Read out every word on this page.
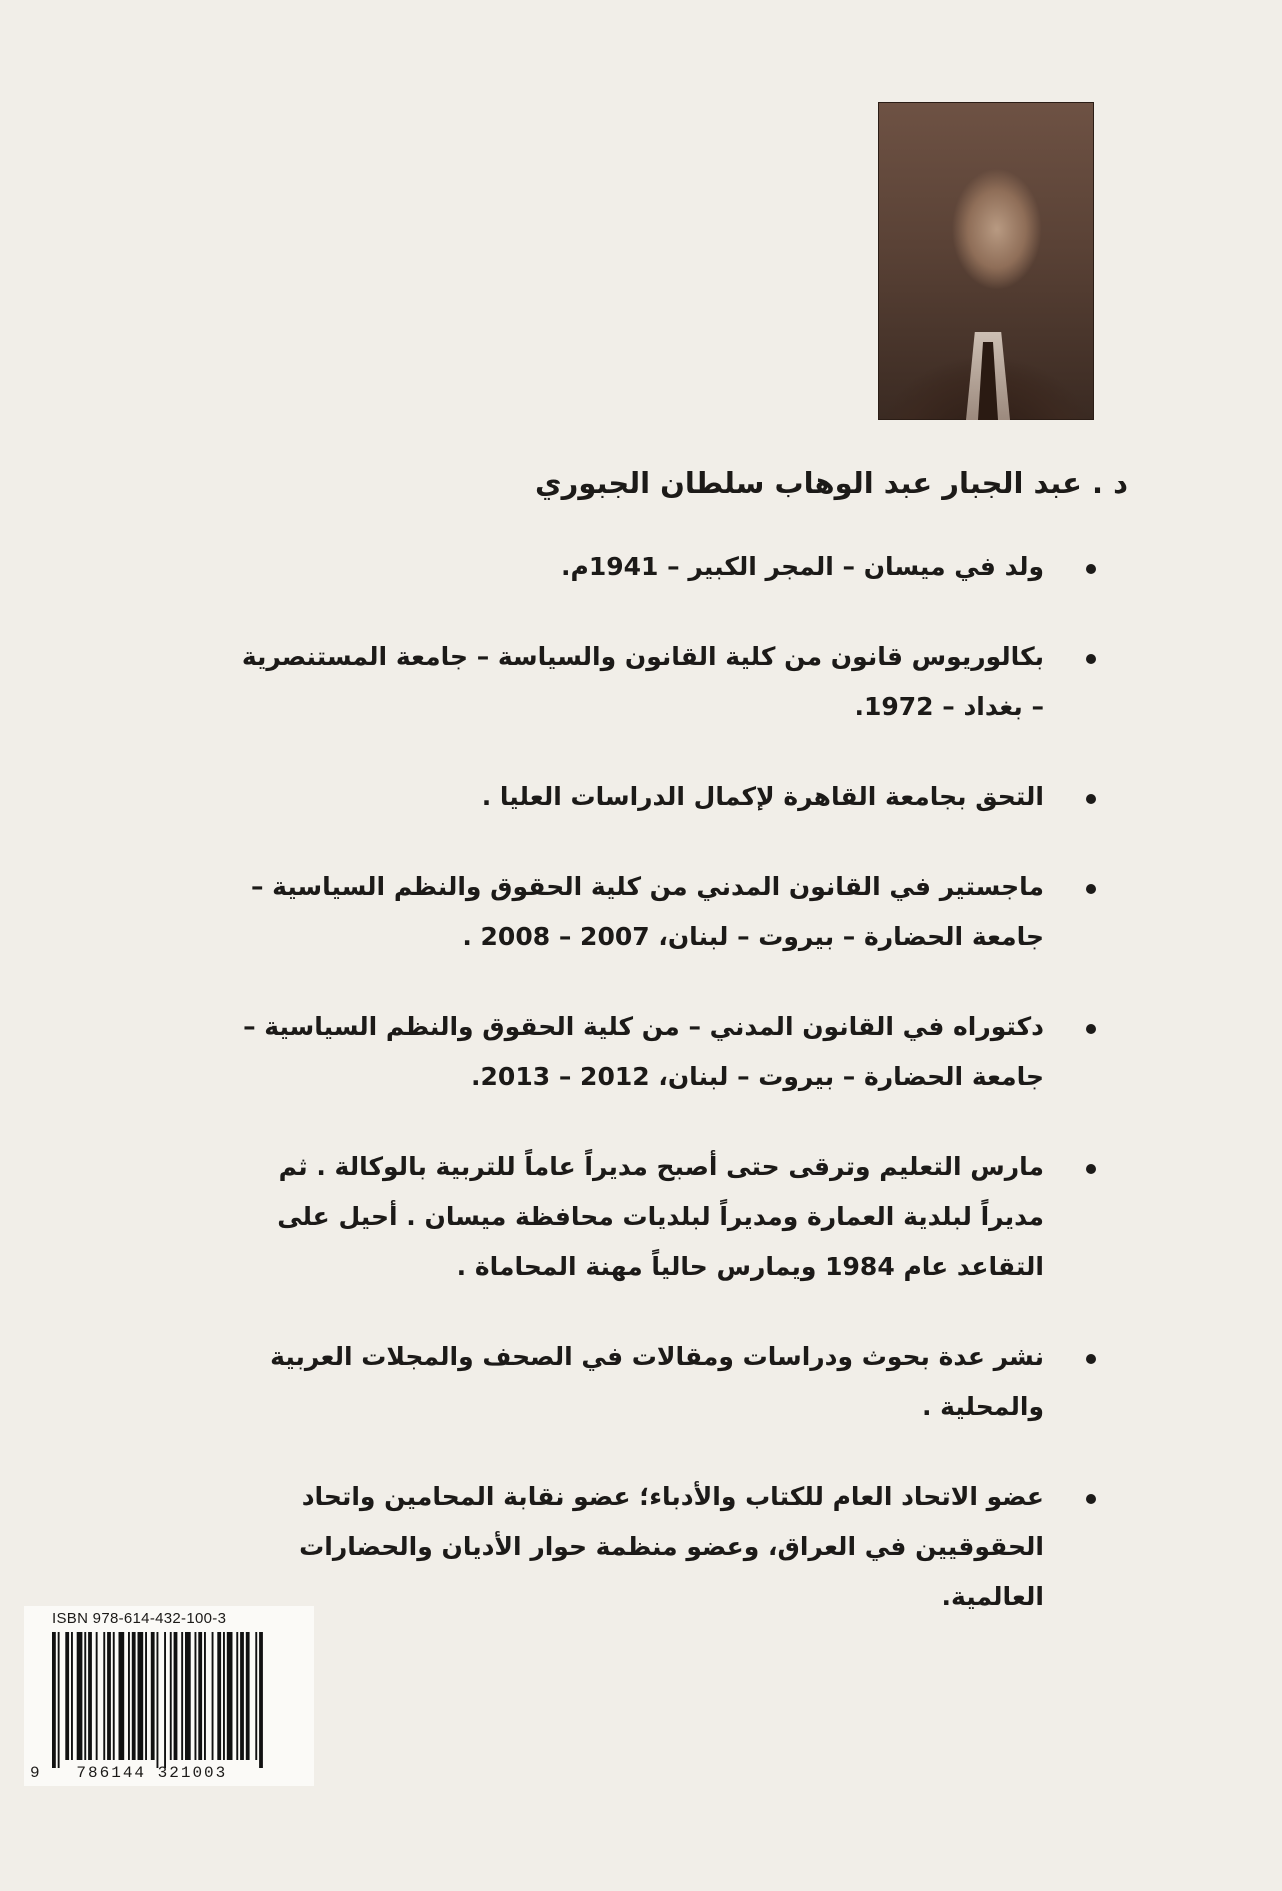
د . عبد الجبار عبد الوهاب سلطان الجبوري
ولد في ميسان – المجر الكبير – 1941م.
بكالوريوس قانون من كلية القانون والسياسة – جامعة المستنصرية – بغداد – 1972.
التحق بجامعة القاهرة لإكمال الدراسات العليا .
ماجستير في القانون المدني من كلية الحقوق والنظم السياسية – جامعة الحضارة – بيروت – لبنان، 2007 – 2008 .
دكتوراه في القانون المدني – من كلية الحقوق والنظم السياسية – جامعة الحضارة – بيروت – لبنان، 2012 – 2013.
مارس التعليم وترقى حتى أصبح مديراً عاماً للتربية بالوكالة . ثم مديراً لبلدية العمارة ومديراً لبلديات محافظة ميسان . أحيل على التقاعد عام 1984 ويمارس حالياً مهنة المحاماة .
نشر عدة بحوث ودراسات ومقالات في الصحف والمجلات العربية والمحلية .
عضو الاتحاد العام للكتاب والأدباء؛ عضو نقابة المحامين واتحاد الحقوقيين في العراق، وعضو منظمة حوار الأديان والحضارات العالمية.
ISBN 978-614-432-100-3
9 786144 321003
